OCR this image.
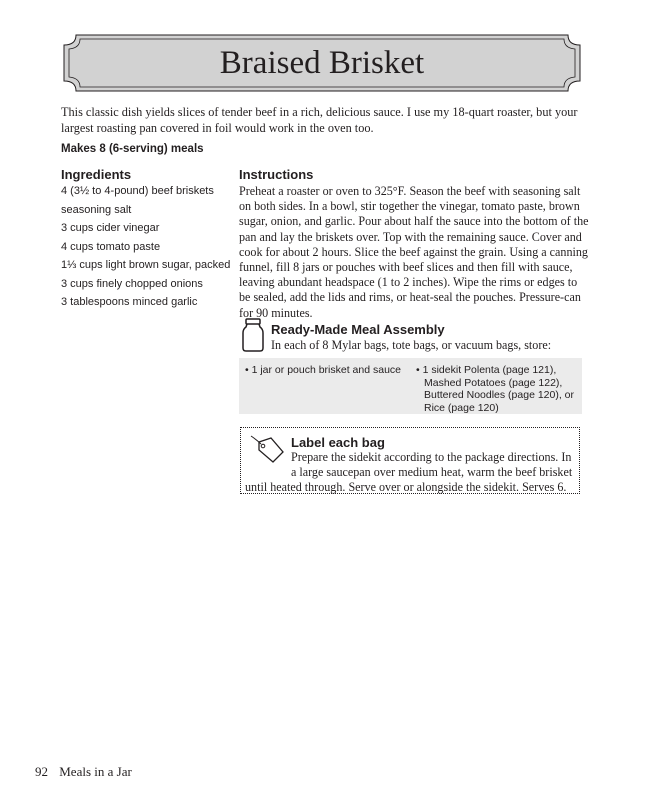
Braised Brisket

This classic dish yields slices of tender beef in a rich, delicious sauce. I use my 18-quart roaster, but your largest roasting pan covered in foil would work in the oven too.

Makes 8 (6-serving) meals

Ingredients
4 (3½ to 4-pound) beef briskets
seasoning salt
3 cups cider vinegar
4 cups tomato paste
1⅓ cups light brown sugar, packed
3 cups finely chopped onions
3 tablespoons minced garlic
Instructions

Preheat a roaster or oven to 325°F. Season the beef with seasoning salt on both sides. In a bowl, stir together the vinegar, tomato paste, brown sugar, onion, and garlic. Pour about half the sauce into the bottom of the pan and lay the briskets over. Top with the remaining sauce. Cover and cook for about 2 hours. Slice the beef against the grain. Using a canning funnel, fill 8 jars or pouches with beef slices and then fill with sauce, leaving abundant headspace (1 to 2 inches). Wipe the rims or edges to be sealed, add the lids and rims, or heat-seal the pouches. Pressure-can for 90 minutes.

Ready-Made Meal Assembly

In each of 8 Mylar bags, tote bags, or vacuum bags, store:

• 1 jar or pouch brisket and sauce	• 1 sidekit Polenta (page 121), Mashed Potatoes (page 122), Buttered Noodles (page 120), or Rice (page 120)
Label each bag

Prepare the sidekit according to the package directions. In a large saucepan over medium heat, warm the beef brisket until heated through. Serve over or alongside the sidekit. Serves 6.

92 Meals in a Jar
